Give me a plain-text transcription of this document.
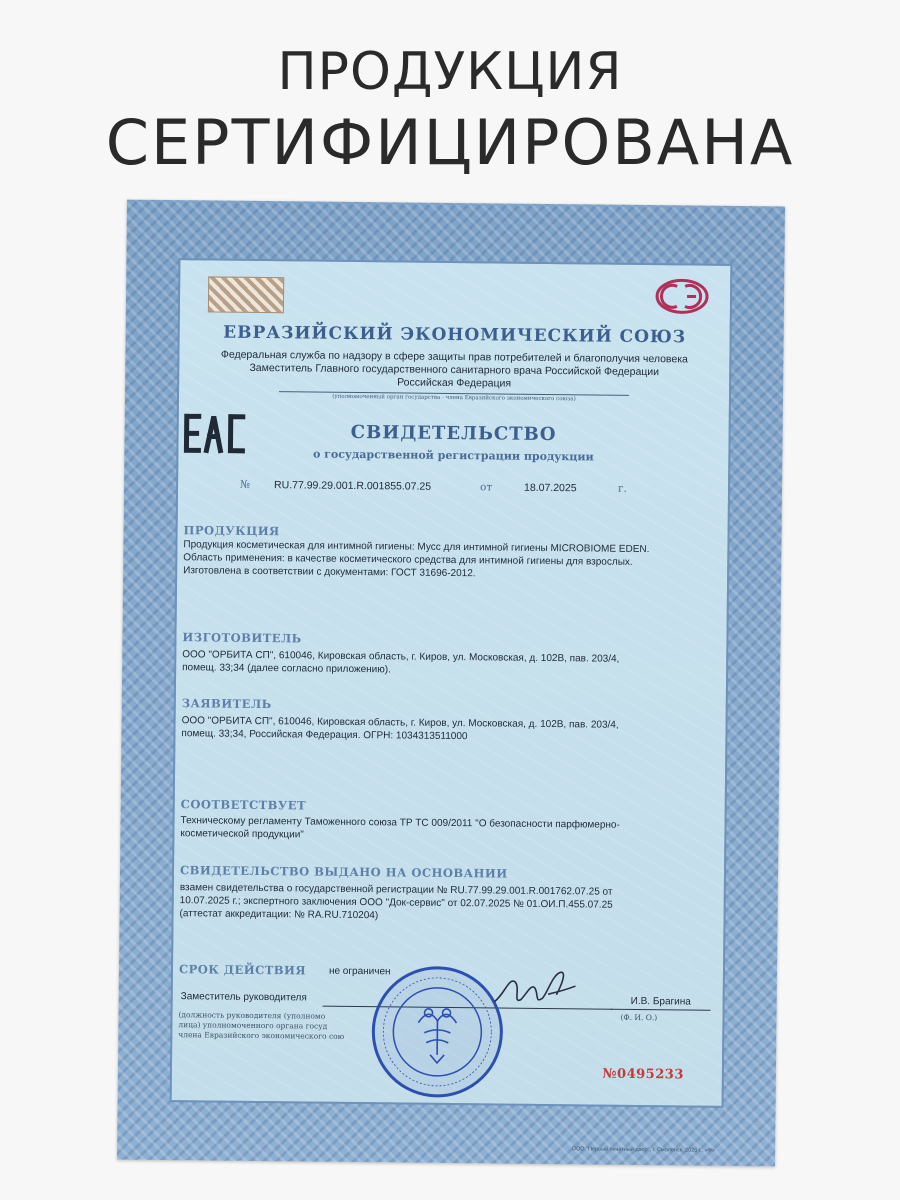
ПРОДУКЦИЯ
СЕРТИФИЦИРОВАНА
ЕВРАЗИЙСКИЙ ЭКОНОМИЧЕСКИЙ СОЮЗ
Федеральная служба по надзору в сфере защиты прав потребителей и благополучия человека
Заместитель Главного государственного санитарного врача Российской Федерации
Российская Федерация
(уполномоченный орган государства - члена Евразийского экономического союза)
СВИДЕТЕЛЬСТВО
о государственной регистрации продукции
№ RU.77.99.29.001.R.001855.07.25	от	18.07.2025	г.
ПРОДУКЦИЯ
Продукция косметическая для интимной гигиены: Мусс для интимной гигиены MICROBIOME EDEN.
Область применения: в качестве косметического средства для интимной гигиены для взрослых.
Изготовлена в соответствии с документами: ГОСТ 31696-2012.
ИЗГОТОВИТЕЛЬ
ООО "ОРБИТА СП", 610046, Кировская область, г. Киров, ул. Московская, д. 102В, пав. 203/4,
помещ. 33;34 (далее согласно приложению).
ЗАЯВИТЕЛЬ
ООО "ОРБИТА СП", 610046, Кировская область, г. Киров, ул. Московская, д. 102В, пав. 203/4,
помещ. 33;34, Российская Федерация. ОГРН: 1034313511000
СООТВЕТСТВУЕТ
Техническому регламенту Таможенного союза ТР ТС 009/2011 "О безопасности парфюмерно-
косметической продукции"
СВИДЕТЕЛЬСТВО ВЫДАНО НА ОСНОВАНИИ
взамен свидетельства о государственной регистрации № RU.77.99.29.001.R.001762.07.25 от
10.07.2025 г.; экспертного заключения ООО "Док-сервис" от 02.07.2025 № 01.ОИ.П.455.07.25
(аттестат аккредитации: № RA.RU.710204)
СРОК ДЕЙСТВИЯ не ограничен
Заместитель руководителя	И.В. Брагина
(должность руководителя (уполномо
лица) уполномоченного органа госуд
члена Евразийского экономического сою
(Ф. И. О.)
№0495233
ООО "Первый печатный двор", г. Смоленск, 2025 г., «Ф»
